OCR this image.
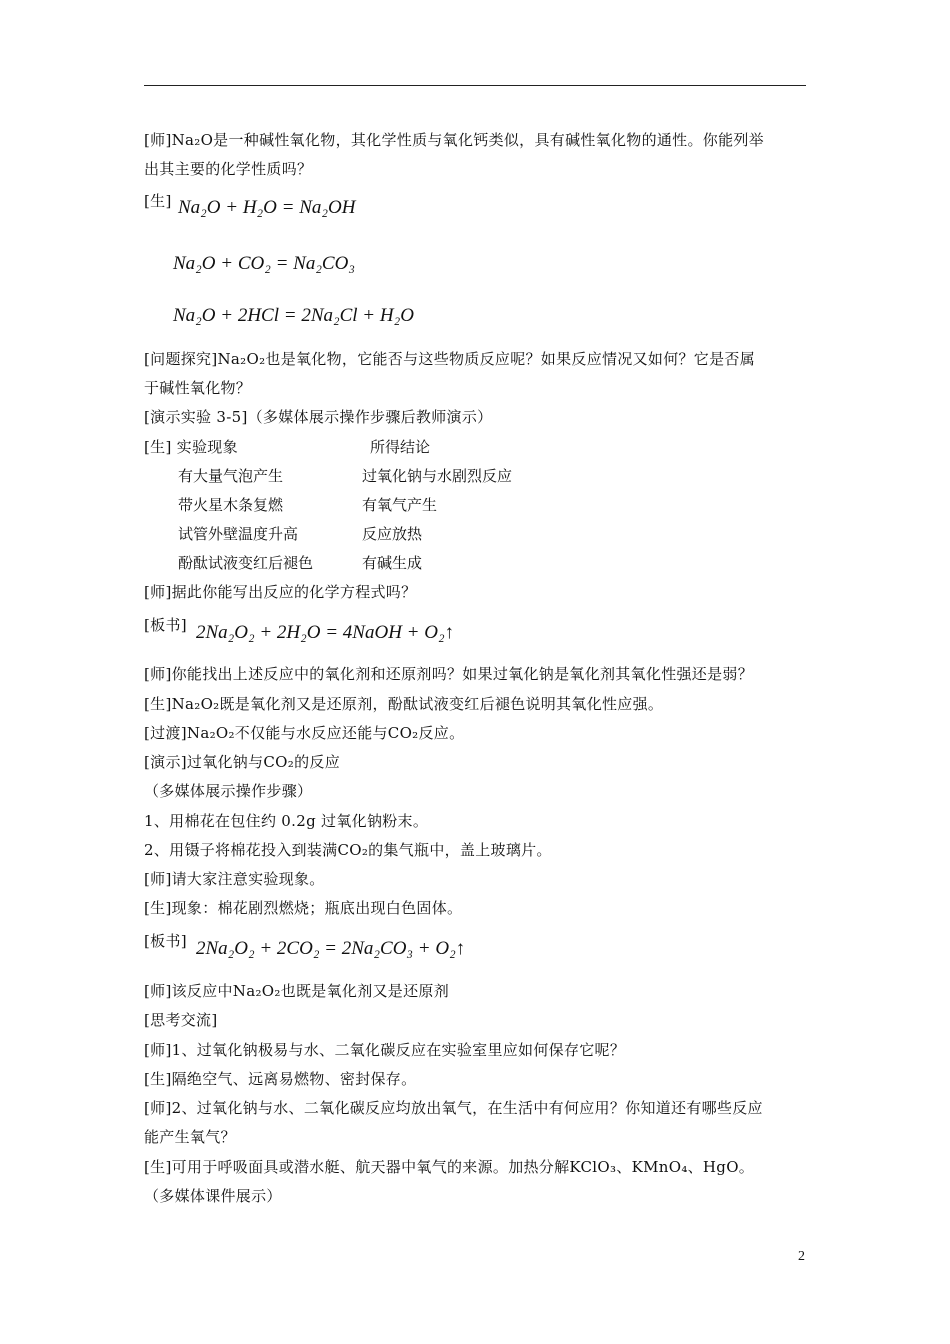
[师]Na₂O是一种碱性氧化物，其化学性质与氧化钙类似，具有碱性氧化物的通性。你能列举
出其主要的化学性质吗？
[生] Na₂O + H₂O = Na₂OH
Na₂O + CO₂ = Na₂CO₃
Na₂O + 2HCl = 2Na₂Cl + H₂O
[问题探究]Na₂O₂也是氧化物，它能否与这些物质反应呢？如果反应情况又如何？它是否属
于碱性氧化物？
[演示实验 3-5]（多媒体展示操作步骤后教师演示）
[生] 实验现象	所得结论
有大量气泡产生	过氧化钠与水剧烈反应
带火星木条复燃	有氧气产生
试管外壁温度升高	反应放热
酚酞试液变红后褪色	有碱生成
[师]据此你能写出反应的化学方程式吗？
[板书] 2Na₂O₂ + 2H₂O = 4NaOH + O₂↑
[师]你能找出上述反应中的氧化剂和还原剂吗？如果过氧化钠是氧化剂其氧化性强还是弱？
[生]Na₂O₂既是氧化剂又是还原剂，酚酞试液变红后褪色说明其氧化性应强。
[过渡]Na₂O₂不仅能与水反应还能与CO₂反应。
[演示]过氧化钠与CO₂的反应
（多媒体展示操作步骤）
1、用棉花在包住约 0.2g 过氧化钠粉末。
2、用镊子将棉花投入到装满CO₂的集气瓶中，盖上玻璃片。
[师]请大家注意实验现象。
[生]现象：棉花剧烈燃烧；瓶底出现白色固体。
[板书] 2Na₂O₂ + 2CO₂ = 2Na₂CO₃ + O₂↑
[师]该反应中Na₂O₂也既是氧化剂又是还原剂
[思考交流]
[师]1、过氧化钠极易与水、二氧化碳反应在实验室里应如何保存它呢？
[生]隔绝空气、远离易燃物、密封保存。
[师]2、过氧化钠与水、二氧化碳反应均放出氧气，在生活中有何应用？你知道还有哪些反应
能产生氧气？
[生]可用于呼吸面具或潜水艇、航天器中氧气的来源。加热分解KClO₃、KMnO₄、HgO。
（多媒体课件展示）
2
